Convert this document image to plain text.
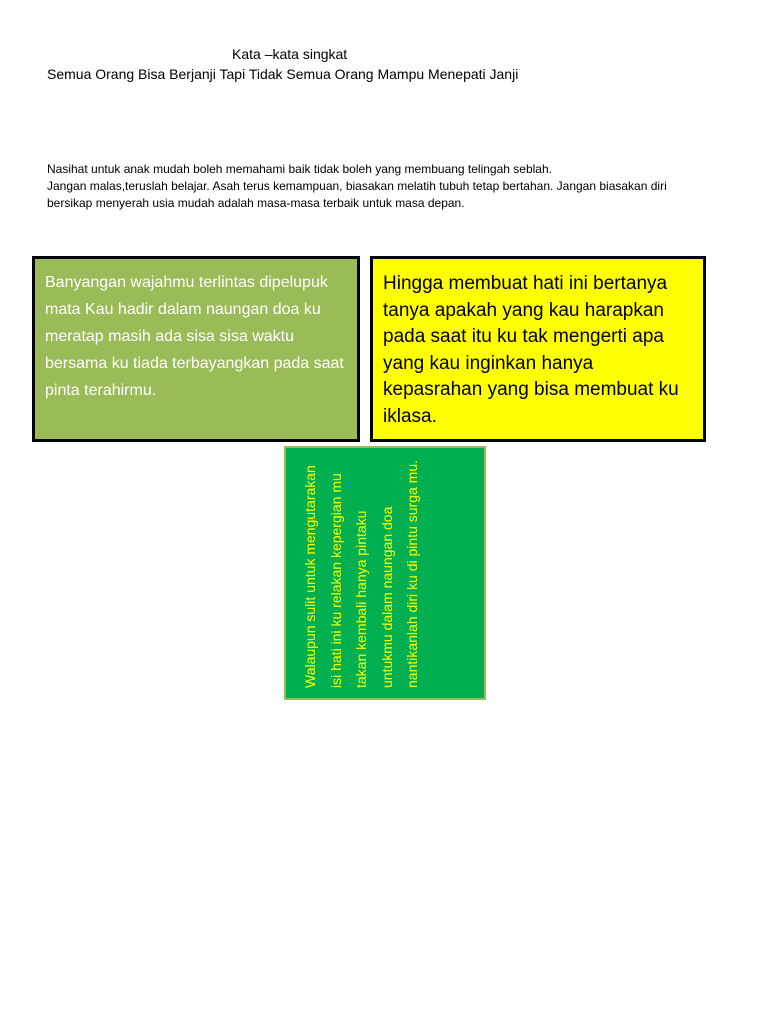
Kata –kata singkat
Semua Orang Bisa Berjanji Tapi Tidak Semua Orang Mampu Menepati Janji

Nasihat untuk anak mudah boleh memahami baik tidak boleh yang membuang telingah seblah.

Jangan malas,teruslah belajar. Asah terus kemampuan, biasakan melatih tubuh tetap bertahan. Jangan biasakan diri bersikap menyerah usia mudah adalah masa-masa terbaik untuk masa depan.

Banyangan wajahmu terlintas dipelupuk mata Kau hadir dalam naungan doa ku meratap masih ada sisa sisa waktu bersama ku tiada terbayangkan pada saat pinta terahirmu.
Hingga membuat hati ini bertanya tanya apakah yang kau harapkan pada saat itu ku tak mengerti apa yang kau inginkan hanya kepasrahan yang bisa membuat ku iklasa.
Walaupun sulit untuk mengutarakan isi hati ini ku relakan kepergian mu takan kembali hanya pintaku untukmu dalam naungan doa nantikanlah diri ku di pintu surga mu.
